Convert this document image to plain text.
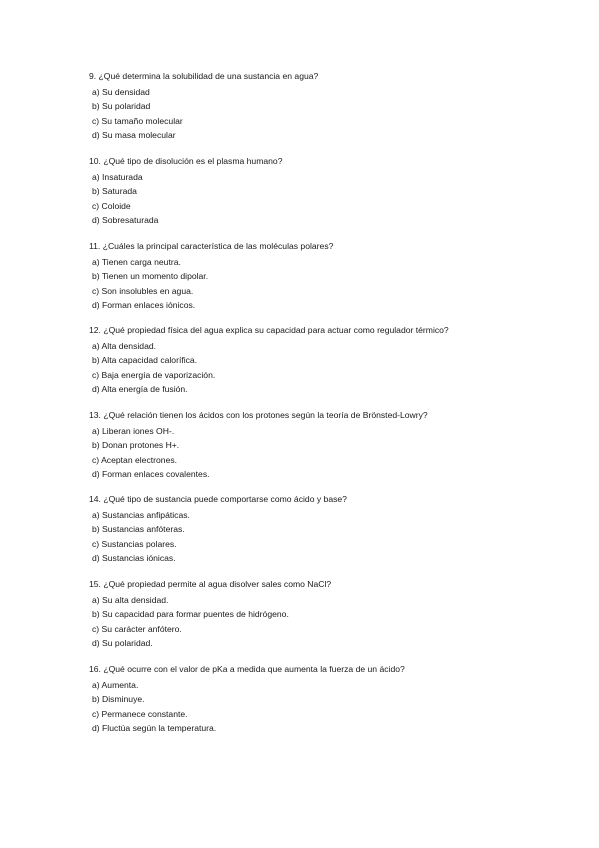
9. ¿Qué determina la solubilidad de una sustancia en agua?

a) Su densidad
b) Su polaridad
c) Su tamaño molecular
d) Su masa molecular

10. ¿Qué tipo de disolución es el plasma humano?

a) Insaturada
b) Saturada
c) Coloide
d) Sobresaturada

11. ¿Cuáles la principal característica de las moléculas polares?

a) Tienen carga neutra.
b) Tienen un momento dipolar.
c) Son insolubles en agua.
d) Forman enlaces iónicos.

12. ¿Qué propiedad física del agua explica su capacidad para actuar como regulador térmico?

a) Alta densidad.
b) Alta capacidad calorífica.
c) Baja energía de vaporización.
d) Alta energía de fusión.

13. ¿Qué relación tienen los ácidos con los protones según la teoría de Brönsted-Lowry?

a) Liberan iones OH-.
b) Donan protones H+.
c) Aceptan electrones.
d) Forman enlaces covalentes.

14. ¿Qué tipo de sustancia puede comportarse como ácido y base?

a) Sustancias anfipáticas.
b) Sustancias anfóteras.
c) Sustancias polares.
d) Sustancias iónicas.

15. ¿Qué propiedad permite al agua disolver sales como NaCl?

a) Su alta densidad.
b) Su capacidad para formar puentes de hidrógeno.
c) Su carácter anfótero.
d) Su polaridad.

16. ¿Qué ocurre con el valor de pKa a medida que aumenta la fuerza de un ácido?

a) Aumenta.
b) Disminuye.
c) Permanece constante.
d) Fluctúa según la temperatura.
